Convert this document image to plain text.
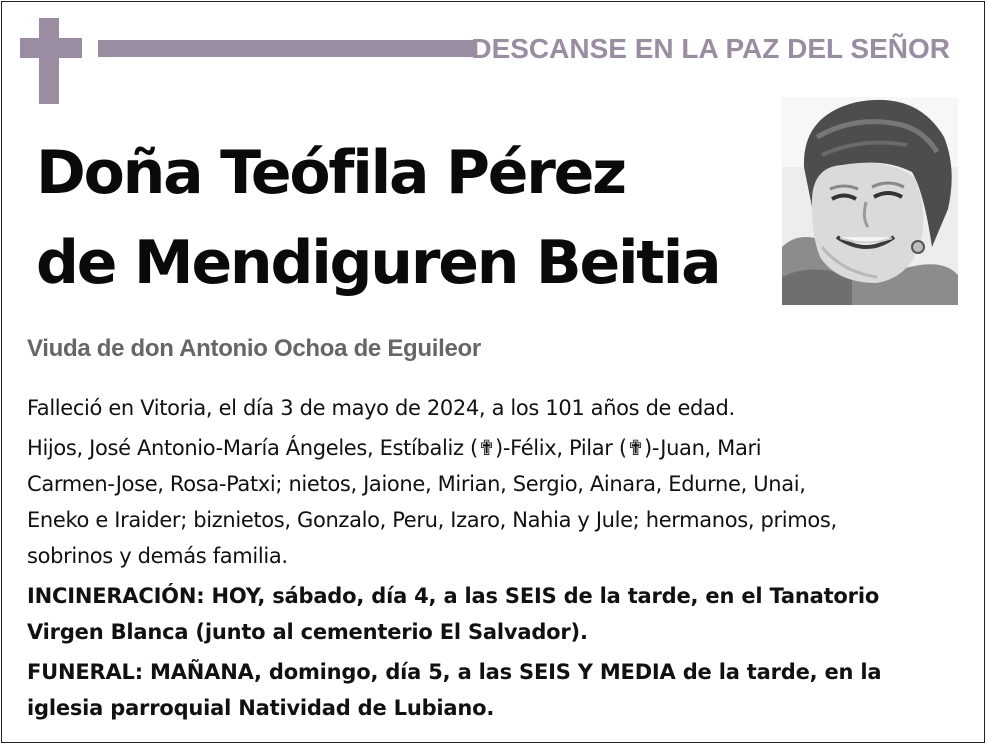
DESCANSE EN LA PAZ DEL SEÑOR
Doña Teófila Pérez
de Mendiguren Beitia
Viuda de don Antonio Ochoa de Eguileor

Falleció en Vitoria, el día 3 de mayo de 2024, a los 101 años de edad.

Hijos, José Antonio-María Ángeles, Estíbaliz (✟)-Félix, Pilar (✟)-Juan, Mari

Carmen-Jose, Rosa-Patxi; nietos, Jaione, Mirian, Sergio, Ainara, Edurne, Unai,

Eneko e Iraider; biznietos, Gonzalo, Peru, Izaro, Nahia y Jule; hermanos, primos,

sobrinos y demás familia.

INCINERACIÓN: HOY, sábado, día 4, a las SEIS de la tarde, en el Tanatorio

Virgen Blanca (junto al cementerio El Salvador).

FUNERAL: MAÑANA, domingo, día 5, a las SEIS Y MEDIA de la tarde, en la

iglesia parroquial Natividad de Lubiano.
